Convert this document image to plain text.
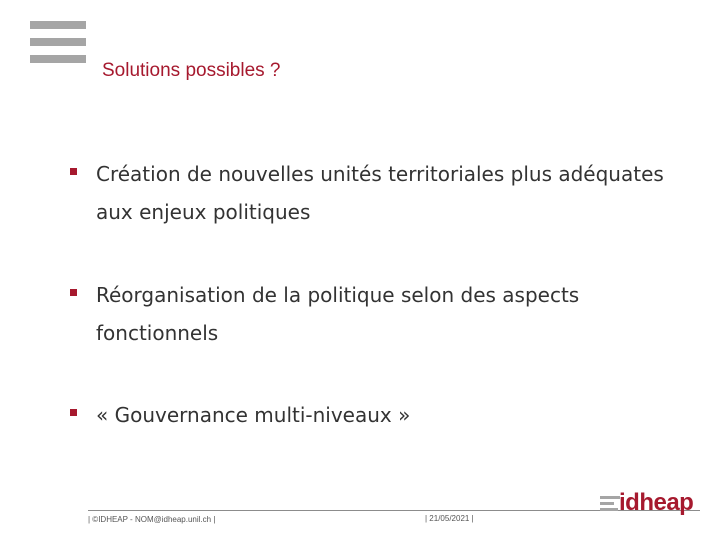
Solutions possibles ?
Création de nouvelles unités territoriales plus adéquates aux enjeux politiques
Réorganisation de la politique selon des aspects fonctionnels
« Gouvernance multi-niveaux »
| ©IDHEAP - NOM@idheap.unil.ch |	| 21/05/2021 |
idheap
